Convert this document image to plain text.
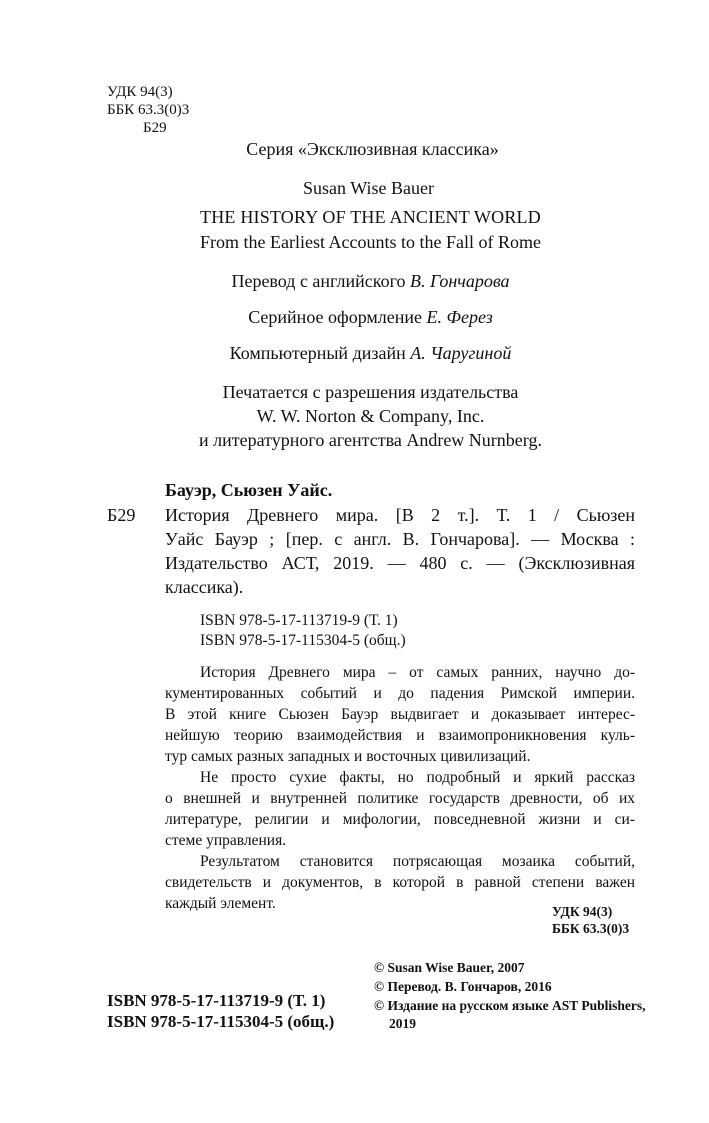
УДК 94(3)
ББК 63.3(0)3
Б29
Серия «Эксклюзивная классика»
Susan Wise Bauer
THE HISTORY OF THE ANCIENT WORLD
From the Earliest Accounts to the Fall of Rome
Перевод с английского В. Гончарова
Серийное оформление Е. Ферез
Компьютерный дизайн А. Чаругиной
Печатается с разрешения издательства
W. W. Norton & Company, Inc.
и литературного агентства Andrew Nurnberg.
Бауэр, Сьюзен Уайс.
Б29 История Древнего мира. [В 2 т.]. Т. 1 / Сьюзен
Уайс Бауэр ; [пер. с англ. В. Гончарова]. — Москва :
Издательство АСТ, 2019. — 480 с. — (Эксклюзивная
классика).
ISBN 978-5-17-113719-9 (Т. 1)
ISBN 978-5-17-115304-5 (общ.)
История Древнего мира – от самых ранних, научно до-
кументированных событий и до падения Римской империи.
В этой книге Сьюзен Бауэр выдвигает и доказывает интерес-
нейшую теорию взаимодействия и взаимопроникновения куль-
тур самых разных западных и восточных цивилизаций.
Не просто сухие факты, но подробный и яркий рассказ
о внешней и внутренней политике государств древности, об их
литературе, религии и мифологии, повседневной жизни и си-
стеме управления.
Результатом становится потрясающая мозаика событий,
свидетельств и документов, в которой в равной степени важен
каждый элемент.	УДК 94(3)
ББК 63.3(0)3
© Susan Wise Bauer, 2007
© Перевод. В. Гончаров, 2016
© Издание на русском языке AST Publishers,
2019
ISBN 978-5-17-113719-9 (Т. 1)
ISBN 978-5-17-115304-5 (общ.)
